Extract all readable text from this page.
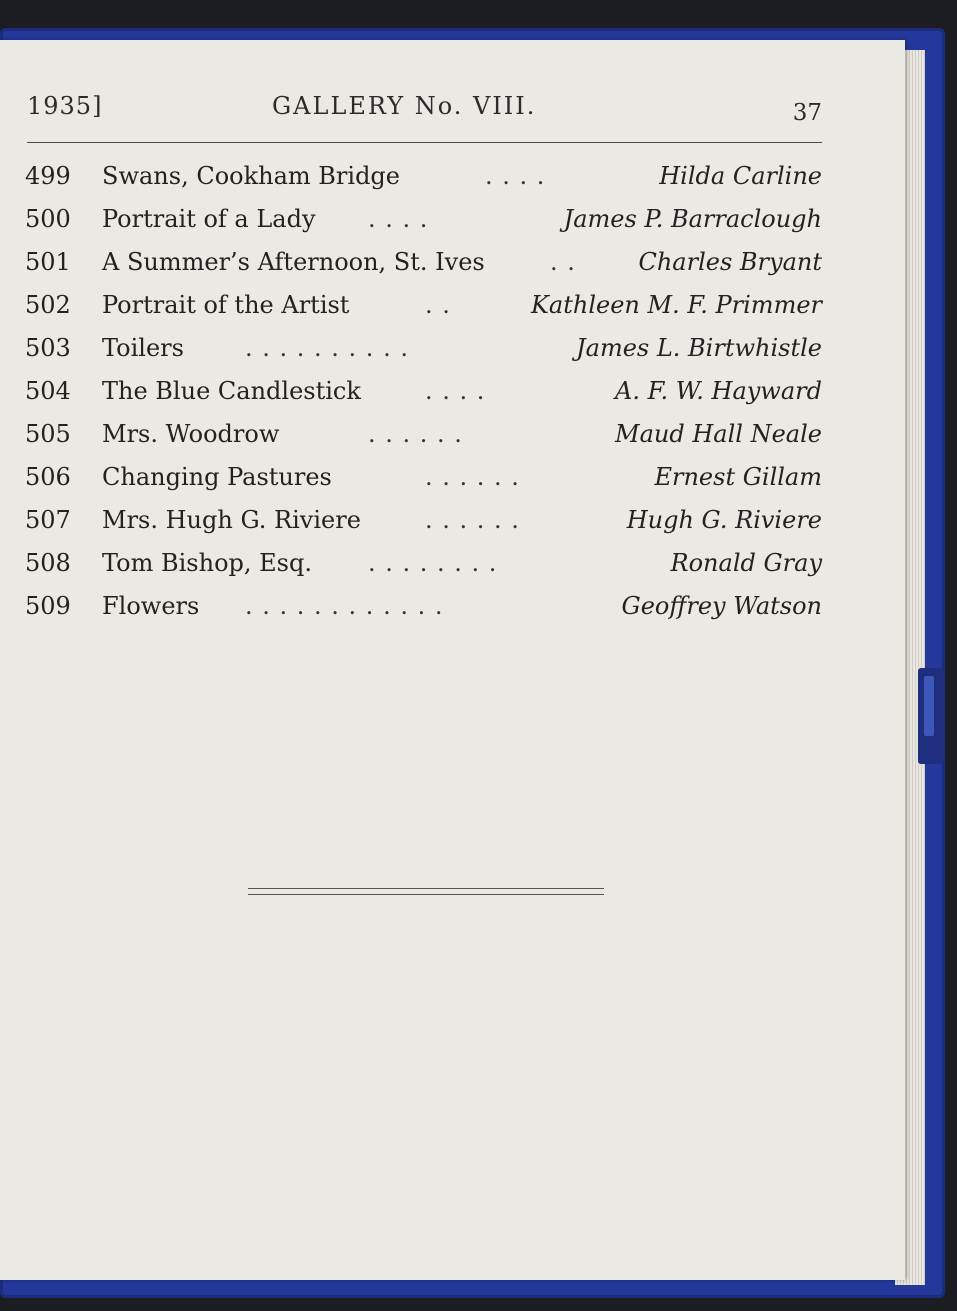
1935]	GALLERY No. VIII.	37
499	Swans, Cookham Bridge	. . . .	Hilda Carline
500	Portrait of a Lady . . . .	James P. Barraclough
501	A Summer’s Afternoon, St. Ives	. .	Charles Bryant
502	Portrait of the Artist	. .	Kathleen M. F. Primmer
503	Toilers	. . . . . . . . . .	James L. Birtwhistle
504	The Blue Candlestick	. . . .	A. F. W. Hayward
505	Mrs. Woodrow	. . . . . .	Maud Hall Neale
506	Changing Pastures	. . . . . .	Ernest Gillam
507	Mrs. Hugh G. Riviere	. . . . . .	Hugh G. Riviere
508	Tom Bishop, Esq. . . . . . . . .	Ronald Gray
509	Flowers . . . . . . . . . . . .	Geoffrey Watson
